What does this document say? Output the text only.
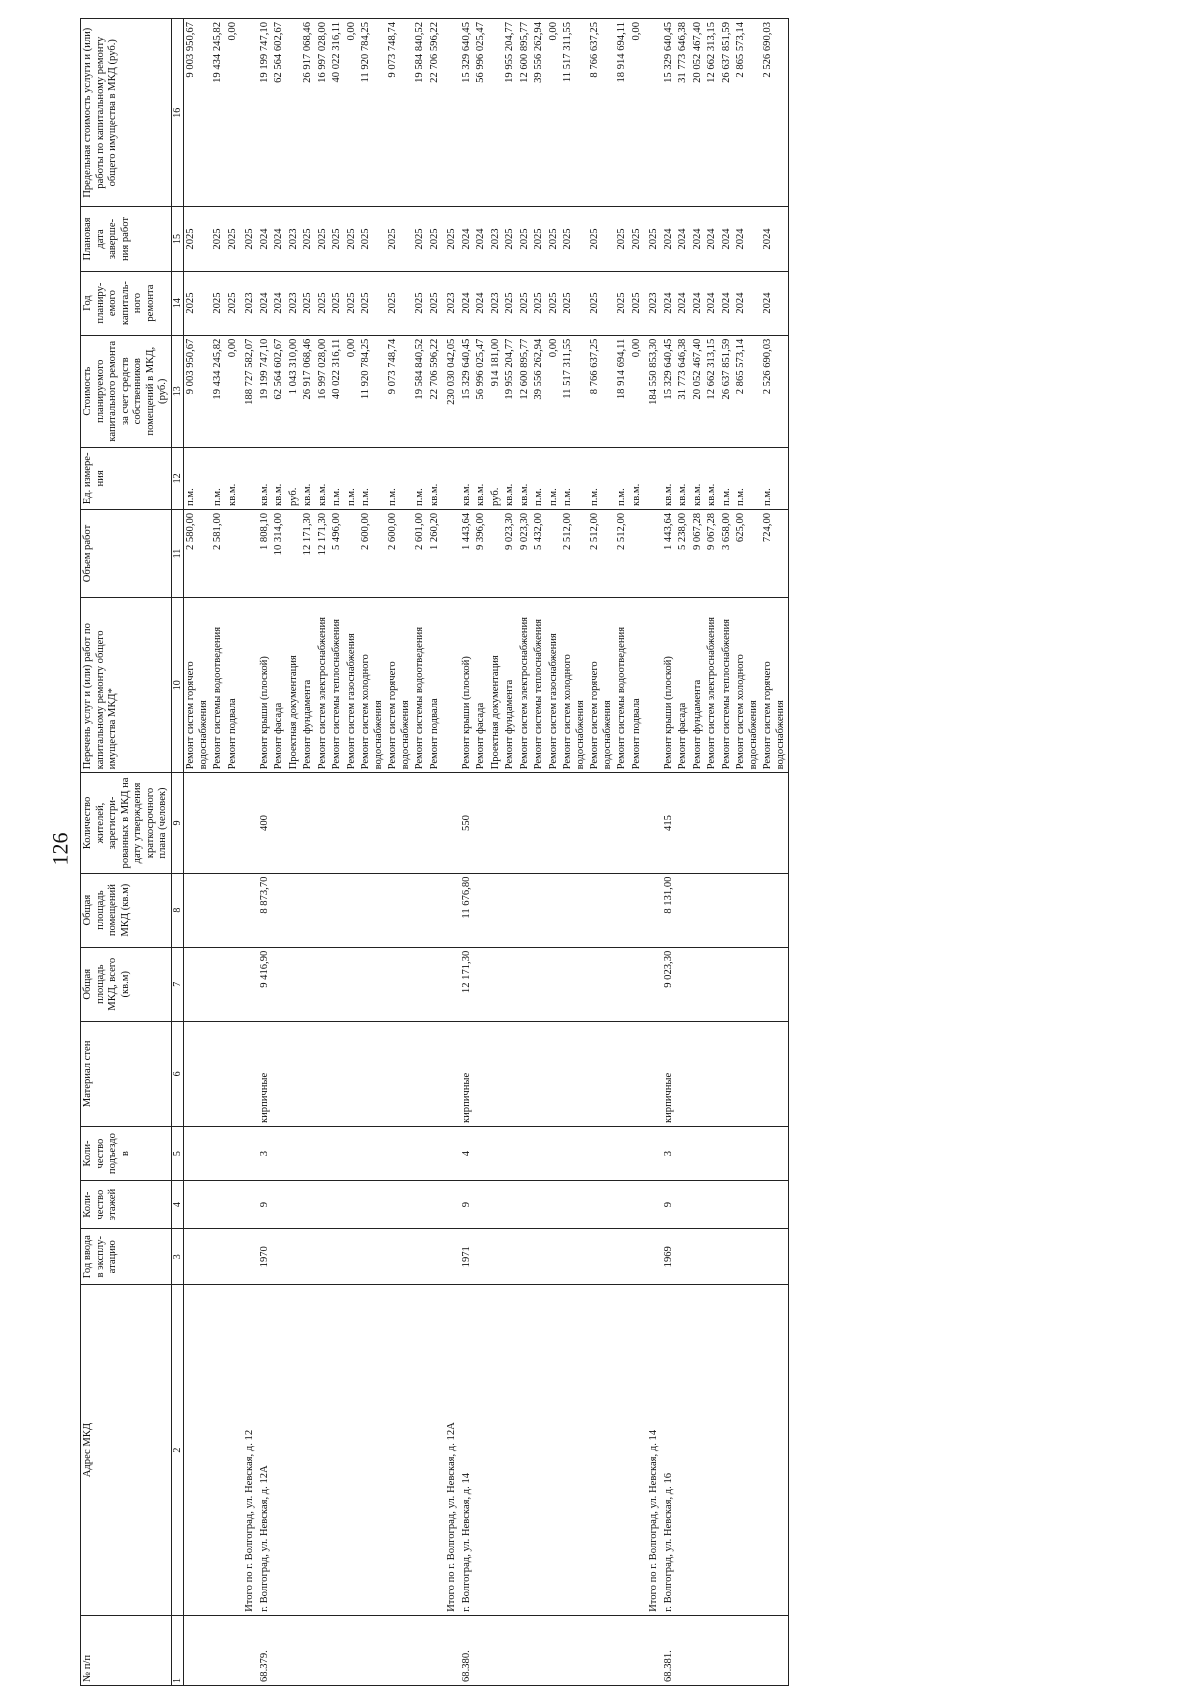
126
№ п/п	Адрес МКД	Год ввода в эксплу- атацию	Коли- чество этажей	Коли- чество подъездо в	Материал стен	Общая площадь МКД, всего (кв.м)	Общая площадь помещений МКД (кв.м)	Количество жителей, зарегистри- рованных в МКД на дату утверждения краткосрочного плана (человек)	Перечень услуг и (или) работ по капитальному ремонту общего имущества МКД*	Объем работ	Ед. измере- ния	Стоимость планируемого капитального ремонта за счет средств собственников помещений в МКД, (руб.)	Год планиру- емого капиталь- ного ремонта	Плановая дата заверше- ния работ	Предельная стоимость услуги и (или) работы по капитальному ремонту общего имущества в МКД (руб.)
1	2	3	4	5	6	7	8	9	10	11	12	13	14	15	16
									Ремонт систем горячего водоснабжения	2 580,00	п.м.	9 003 950,67	2025	2025	9 003 950,67
									Ремонт системы водоотведения	2 581,00	п.м.	19 434 245,82	2025	2025	19 434 245,82
									Ремонт подвала		кв.м.	0,00	2025	2025	0,00
	Итого по г. Волгоград, ул. Невская, д. 12											188 727 582,07	2023	2025	
68.379.	г. Волгоград, ул. Невская, д. 12А	1970	9	3	кирпичные	9 416,90	8 873,70	400	Ремонт крыши (плоской)	1 808,10	кв.м.	19 199 747,10	2024	2024	19 199 747,10
									Ремонт фасада	10 314,00	кв.м.	62 564 602,67	2024	2024	62 564 602,67
									Проектная документация		руб.	1 043 310,00	2023	2023	
									Ремонт фундамента	12 171,30	кв.м.	26 917 068,46	2025	2025	26 917 068,46
									Ремонт систем электроснабжения	12 171,30	кв.м.	16 997 028,00	2025	2025	16 997 028,00
									Ремонт системы теплоснабжения	5 496,00	п.м.	40 022 316,11	2025	2025	40 022 316,11
									Ремонт систем газоснабжения		п.м.	0,00	2025	2025	0,00
									Ремонт систем холодного водоснабжения	2 600,00	п.м.	11 920 784,25	2025	2025	11 920 784,25
									Ремонт систем горячего водоснабжения	2 600,00	п.м.	9 073 748,74	2025	2025	9 073 748,74
									Ремонт системы водоотведения	2 601,00	п.м.	19 584 840,52	2025	2025	19 584 840,52
									Ремонт подвала	1 260,20	кв.м.	22 706 596,22	2025	2025	22 706 596,22
	Итого по г. Волгоград, ул. Невская, д. 12А											230 030 042,05	2023	2025	
68.380.	г. Волгоград, ул. Невская, д. 14	1971	9	4	кирпичные	12 171,30	11 676,80	550	Ремонт крыши (плоской)	1 443,64	кв.м.	15 329 640,45	2024	2024	15 329 640,45
									Ремонт фасада	9 396,00	кв.м.	56 996 025,47	2024	2024	56 996 025,47
									Проектная документация		руб.	914 181,00	2023	2023	
									Ремонт фундамента	9 023,30	кв.м.	19 955 204,77	2025	2025	19 955 204,77
									Ремонт систем электроснабжения	9 023,30	кв.м.	12 600 895,77	2025	2025	12 600 895,77
									Ремонт системы теплоснабжения	5 432,00	п.м.	39 556 262,94	2025	2025	39 556 262,94
									Ремонт систем газоснабжения		п.м.	0,00	2025	2025	0,00
									Ремонт систем холодного водоснабжения	2 512,00	п.м.	11 517 311,55	2025	2025	11 517 311,55
									Ремонт систем горячего водоснабжения	2 512,00	п.м.	8 766 637,25	2025	2025	8 766 637,25
									Ремонт системы водоотведения	2 512,00	п.м.	18 914 694,11	2025	2025	18 914 694,11
									Ремонт подвала		кв.м.	0,00	2025	2025	0,00
	Итого по г. Волгоград, ул. Невская, д. 14											184 550 853,30	2023	2025	
68.381.	г. Волгоград, ул. Невская, д. 16	1969	9	3	кирпичные	9 023,30	8 131,00	415	Ремонт крыши (плоской)	1 443,64	кв.м.	15 329 640,45	2024	2024	15 329 640,45
									Ремонт фасада	5 238,00	кв.м.	31 773 646,38	2024	2024	31 773 646,38
									Ремонт фундамента	9 067,28	кв.м.	20 052 467,40	2024	2024	20 052 467,40
									Ремонт систем электроснабжения	9 067,28	кв.м.	12 662 313,15	2024	2024	12 662 313,15
									Ремонт системы теплоснабжения	3 658,00	п.м.	26 637 851,59	2024	2024	26 637 851,59
									Ремонт систем холодного водоснабжения	625,00	п.м.	2 865 573,14	2024	2024	2 865 573,14
									Ремонт систем горячего водоснабжения	724,00	п.м.	2 526 690,03	2024	2024	2 526 690,03
